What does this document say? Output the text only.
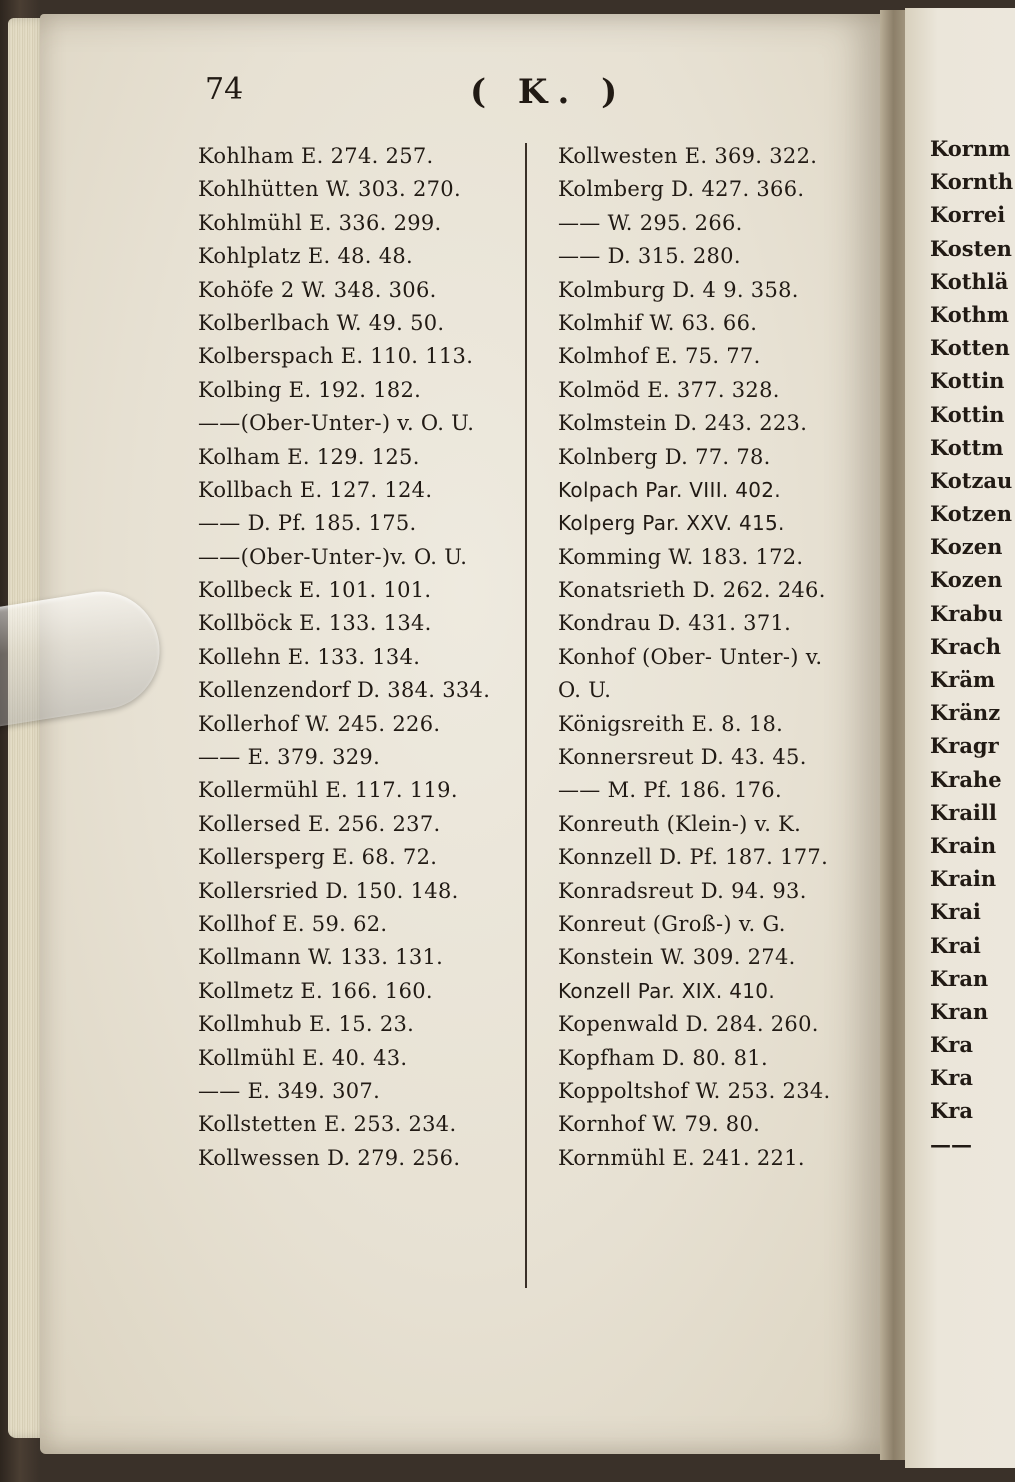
74	( K. )
Kohlham E. 274. 257.
Kohlhütten W. 303. 270.
Kohlmühl E. 336. 299.
Kohlplatz E. 48. 48.
Kohöfe 2 W. 348. 306.
Kolberlbach W. 49. 50.
Kolberspach E. 110. 113.
Kolbing E. 192. 182.
——(Ober-Unter-) v. O. U.
Kolham E. 129. 125.
Kollbach E. 127. 124.
—— D. Pf. 185. 175.
——(Ober-Unter-)v. O. U.
Kollbeck E. 101. 101.
Kollböck E. 133. 134.
Kollehn E. 133. 134.
Kollenzendorf D. 384. 334.
Kollerhof W. 245. 226.
—— E. 379. 329.
Kollermühl E. 117. 119.
Kollersed E. 256. 237.
Kollersperg E. 68. 72.
Kollersried D. 150. 148.
Kollhof E. 59. 62.
Kollmann W. 133. 131.
Kollmetz E. 166. 160.
Kollmhub E. 15. 23.
Kollmühl E. 40. 43.
—— E. 349. 307.
Kollstetten E. 253. 234.
Kollwessen D. 279. 256.
Kollwesten E. 369. 322.
Kolmberg D. 427. 366.
—— W. 295. 266.
—— D. 315. 280.
Kolmburg D. 4 9. 358.
Kolmhif W. 63. 66.
Kolmhof E. 75. 77.
Kolmöd E. 377. 328.
Kolmstein D. 243. 223.
Kolnberg D. 77. 78.
Kolpach Par. VIII. 402.
Kolperg Par. XXV. 415.
Komming W. 183. 172.
Konatsrieth D. 262. 246.
Kondrau D. 431. 371.
Konhof (Ober- Unter-) v.
O. U.
Königsreith E. 8. 18.
Konnersreut D. 43. 45.
—— M. Pf. 186. 176.
Konreuth (Klein-) v. K.
Konnzell D. Pf. 187. 177.
Konradsreut D. 94. 93.
Konreut (Groß-) v. G.
Konstein W. 309. 274.
Konzell Par. XIX. 410.
Kopenwald D. 284. 260.
Kopfham D. 80. 81.
Koppoltshof W. 253. 234.
Kornhof W. 79. 80.
Kornmühl E. 241. 221.
Kornm
Kornth
Korrei
Kosten
Kothlä
Kothm
Kotten
Kottin
Kottin
Kottm
Kotzau
Kotzen
Kozen
Kozen
Krabu
Krach
Kräm
Kränz
Kragr
Krahe
Kraill
Krain
Krain
Krai
Krai
Kran
Kran
Kra
Kra
Kra
——
